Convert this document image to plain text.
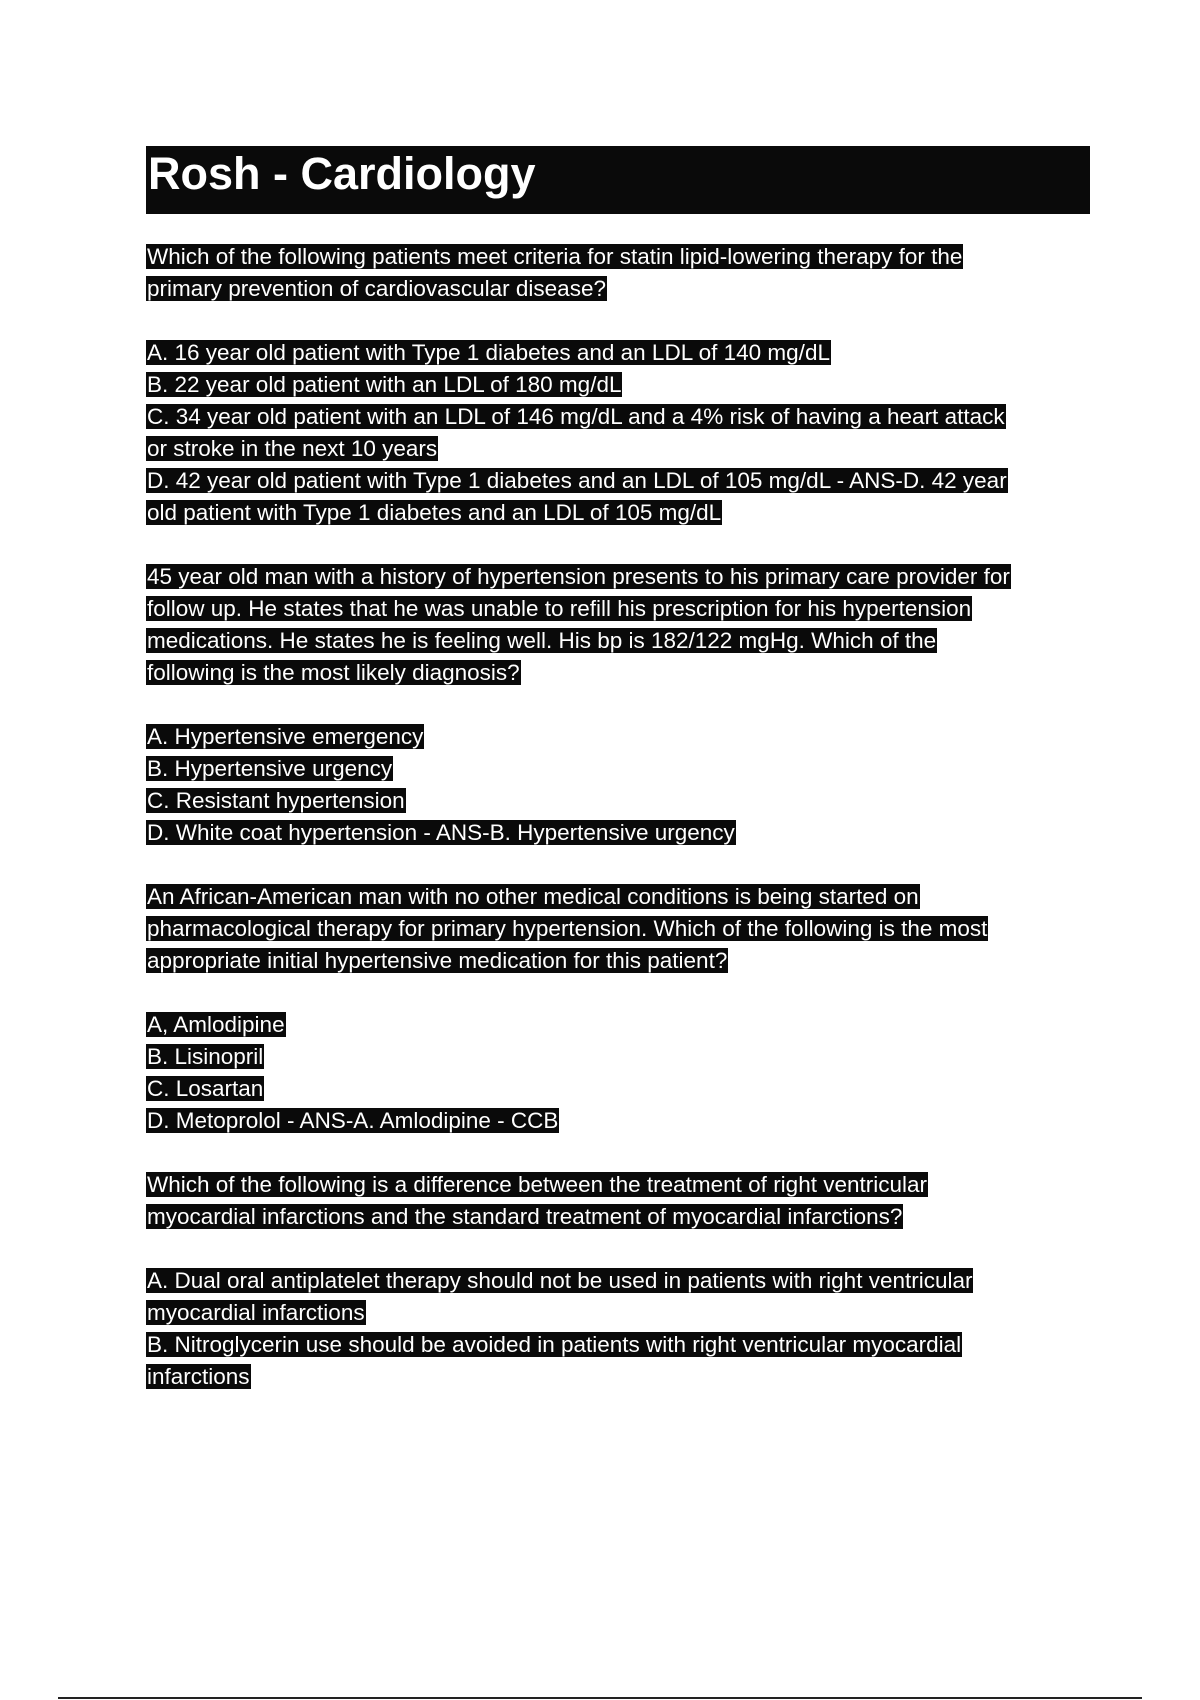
Rosh - Cardiology
Which of the following patients meet criteria for statin lipid-lowering therapy for the
primary prevention of cardiovascular disease?
A. 16 year old patient with Type 1 diabetes and an LDL of 140 mg/dL
B. 22 year old patient with an LDL of 180 mg/dL
C. 34 year old patient with an LDL of 146 mg/dL and a 4% risk of having a heart attack
or stroke in the next 10 years
D. 42 year old patient with Type 1 diabetes and an LDL of 105 mg/dL - ANS-D. 42 year
old patient with Type 1 diabetes and an LDL of 105 mg/dL
45 year old man with a history of hypertension presents to his primary care provider for
follow up. He states that he was unable to refill his prescription for his hypertension
medications. He states he is feeling well. His bp is 182/122 mgHg. Which of the
following is the most likely diagnosis?
A. Hypertensive emergency
B. Hypertensive urgency
C. Resistant hypertension
D. White coat hypertension - ANS-B. Hypertensive urgency
An African-American man with no other medical conditions is being started on
pharmacological therapy for primary hypertension. Which of the following is the most
appropriate initial hypertensive medication for this patient?
A, Amlodipine
B. Lisinopril
C. Losartan
D. Metoprolol - ANS-A. Amlodipine - CCB
Which of the following is a difference between the treatment of right ventricular
myocardial infarctions and the standard treatment of myocardial infarctions?
A. Dual oral antiplatelet therapy should not be used in patients with right ventricular
myocardial infarctions
B. Nitroglycerin use should be avoided in patients with right ventricular myocardial
infarctions
